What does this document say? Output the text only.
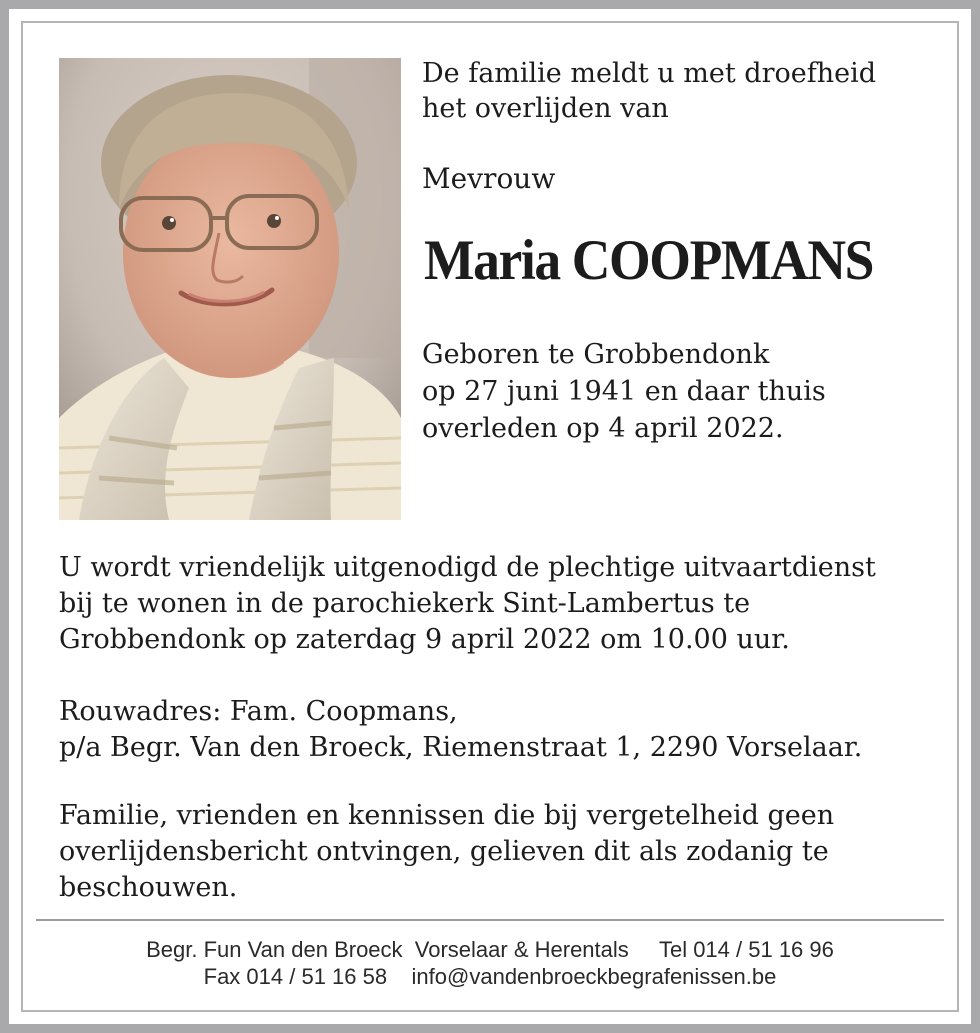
De familie meldt u met droefheid
het overlijden van
Mevrouw
Maria COOPMANS
Geboren te Grobbendonk
op 27 juni 1941 en daar thuis
overleden op 4 april 2022.
U wordt vriendelijk uitgenodigd de plechtige uitvaartdienst
bij te wonen in de parochiekerk Sint-Lambertus te
Grobbendonk op zaterdag 9 april 2022 om 10.00 uur.
Rouwadres: Fam. Coopmans,
p/a Begr. Van den Broeck, Riemenstraat 1, 2290 Vorselaar.
Familie, vrienden en kennissen die bij vergetelheid geen
overlijdensbericht ontvingen, gelieven dit als zodanig te
beschouwen.
Begr. Fun Van den Broeck Vorselaar & Herentals Tel 014 / 51 16 96
Fax 014 / 51 16 58 info@vandenbroeckbegrafenissen.be
